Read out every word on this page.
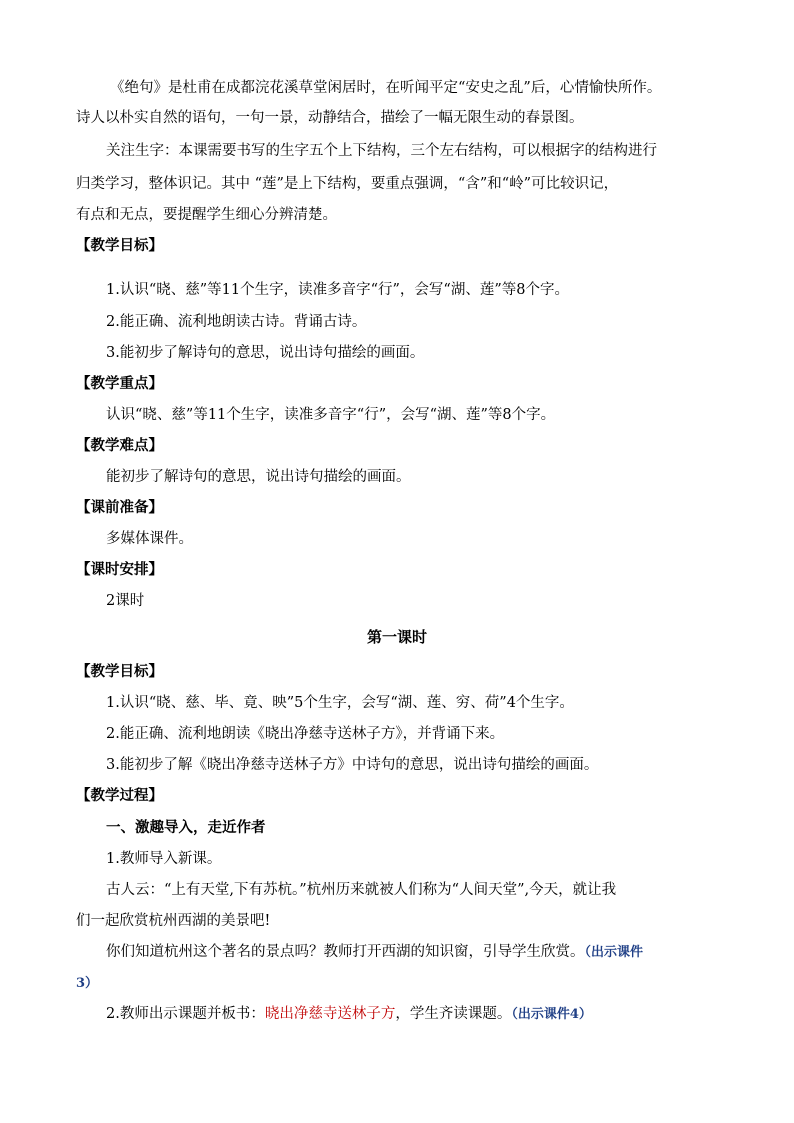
《绝句》是杜甫在成都浣花溪草堂闲居时，在听闻平定“安史之乱”后，心情愉快所作。
诗人以朴实自然的语句，一句一景，动静结合，描绘了一幅无限生动的春景图。
关注生字：本课需要书写的生字五个上下结构，三个左右结构，可以根据字的结构进行
归类学习，整体识记。其中 “莲”是上下结构，要重点强调，“含”和“岭”可比较识记，
有点和无点，要提醒学生细心分辨清楚。
【教学目标】
1.认识“晓、慈”等11个生字，读准多音字“行”，会写“湖、莲”等8个字。
2.能正确、流利地朗读古诗。背诵古诗。
3.能初步了解诗句的意思，说出诗句描绘的画面。
【教学重点】
认识“晓、慈”等11个生字，读准多音字“行”，会写“湖、莲”等8个字。
【教学难点】
能初步了解诗句的意思，说出诗句描绘的画面。
【课前准备】
多媒体课件。
【课时安排】
2课时
第一课时
【教学目标】
1.认识“晓、慈、毕、竟、映”5个生字，会写“湖、莲、穷、荷”4个生字。
2.能正确、流利地朗读《晓出净慈寺送林子方》，并背诵下来。
3.能初步了解《晓出净慈寺送林子方》中诗句的意思，说出诗句描绘的画面。
【教学过程】
一、激趣导入，走近作者
1.教师导入新课。
古人云：“上有天堂,下有苏杭。”杭州历来就被人们称为“人间天堂”,今天，就让我
们一起欣赏杭州西湖的美景吧!
你们知道杭州这个著名的景点吗？教师打开西湖的知识窗，引导学生欣赏。（出示课件
3）
2.教师出示课题并板书：晓出净慈寺送林子方，学生齐读课题。（出示课件4）
